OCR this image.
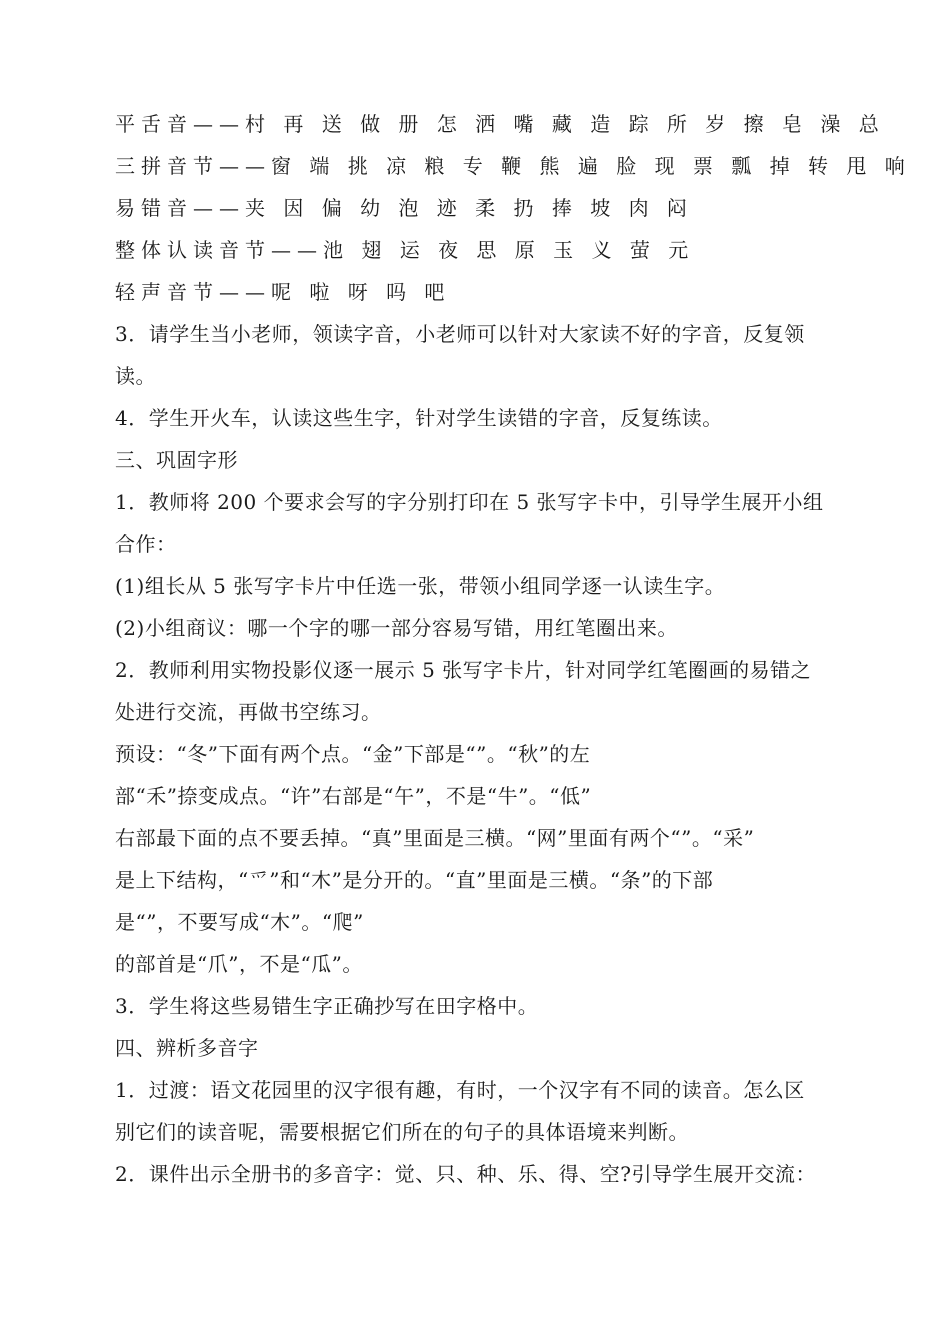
平舌音——村 再 送 做 册 怎 洒 嘴 藏 造 踪 所 岁 擦 皂 澡 总
三拼音节——窗 端 挑 凉 粮 专 鞭 熊 遍 脸 现 票 瓢 掉 转 甩 响
易错音——夹 因 偏 幼 泡 迹 柔 扔 捧 坡 肉 闷
整体认读音节——池 翅 运 夜 思 原 玉 义 萤 元
轻声音节——呢 啦 呀 吗 吧
3．请学生当小老师，领读字音，小老师可以针对大家读不好的字音，反复领
读。
4．学生开火车，认读这些生字，针对学生读错的字音，反复练读。
三、巩固字形
1．教师将 200 个要求会写的字分别打印在 5 张写字卡中，引导学生展开小组
合作：
(1)组长从 5 张写字卡片中任选一张，带领小组同学逐一认读生字。
(2)小组商议：哪一个字的哪一部分容易写错，用红笔圈出来。
2．教师利用实物投影仪逐一展示 5 张写字卡片，针对同学红笔圈画的易错之
处进行交流，再做书空练习。
预设：“冬”下面有两个点。“金”下部是“”。“秋”的左
部“禾”捺变成点。“许”右部是“午”，不是“牛”。“低”
右部最下面的点不要丢掉。“真”里面是三横。“网”里面有两个“”。“采”
是上下结构，“爫”和“木”是分开的。“直”里面是三横。“条”的下部
是“”，不要写成“木”。“爬”
的部首是“爪”，不是“瓜”。
3．学生将这些易错生字正确抄写在田字格中。
四、辨析多音字
1．过渡：语文花园里的汉字很有趣，有时，一个汉字有不同的读音。怎么区
别它们的读音呢，需要根据它们所在的句子的具体语境来判断。
2．课件出示全册书的多音字：觉、只、种、乐、得、空?引导学生展开交流：
